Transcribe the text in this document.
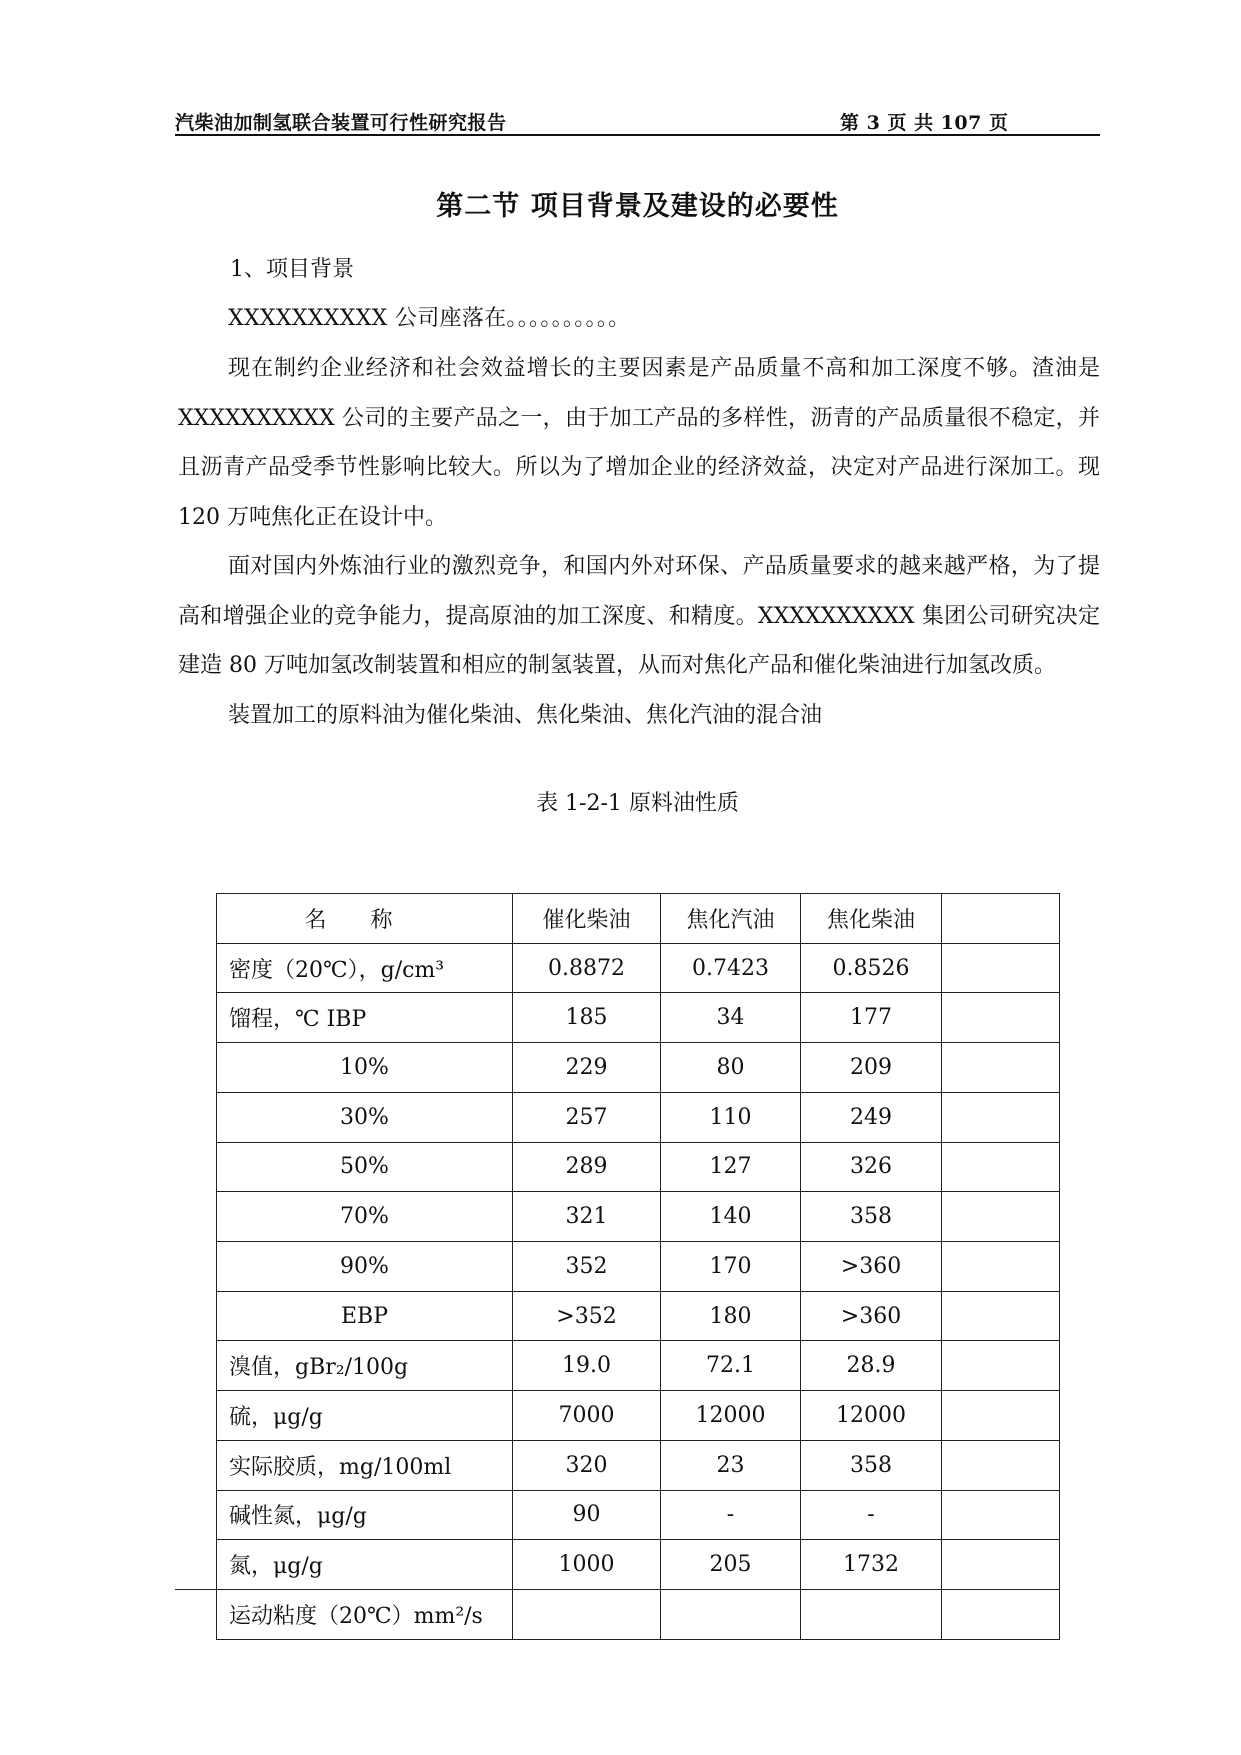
汽柴油加制氢联合装置可行性研究报告	第 3 页 共 107 页
第二节 项目背景及建设的必要性
1、项目背景
XXXXXXXXXX 公司座落在。。。。。。。。。。

现在制约企业经济和社会效益增长的主要因素是产品质量不高和加工深度不够。渣油是 XXXXXXXXXX 公司的主要产品之一，由于加工产品的多样性，沥青的产品质量很不稳定，并且沥青产品受季节性影响比较大。所以为了增加企业的经济效益，决定对产品进行深加工。现 120 万吨焦化正在设计中。

面对国内外炼油行业的激烈竞争，和国内外对环保、产品质量要求的越来越严格，为了提高和增强企业的竞争能力，提高原油的加工深度、和精度。XXXXXXXXXX 集团公司研究决定建造 80 万吨加氢改制装置和相应的制氢装置，从而对焦化产品和催化柴油进行加氢改质。

装置加工的原料油为催化柴油、焦化柴油、焦化汽油的混合油

表 1-2-1 原料油性质
名称	催化柴油	焦化汽油	焦化柴油	
密度（20℃），g/cm³	0.8872	0.7423	0.8526	
馏程，℃ IBP	185	34	177	
10%	229	80	209	
30%	257	110	249	
50%	289	127	326	
70%	321	140	358	
90%	352	170	>360	
EBP	>352	180	>360	
溴值，gBr₂/100g	19.0	72.1	28.9	
硫，μg/g	7000	12000	12000	
实际胶质，mg/100ml	320	23	358	
碱性氮，μg/g	90	-	-	
氮，μg/g	1000	205	1732	
运动粘度（20℃）mm²/s				
